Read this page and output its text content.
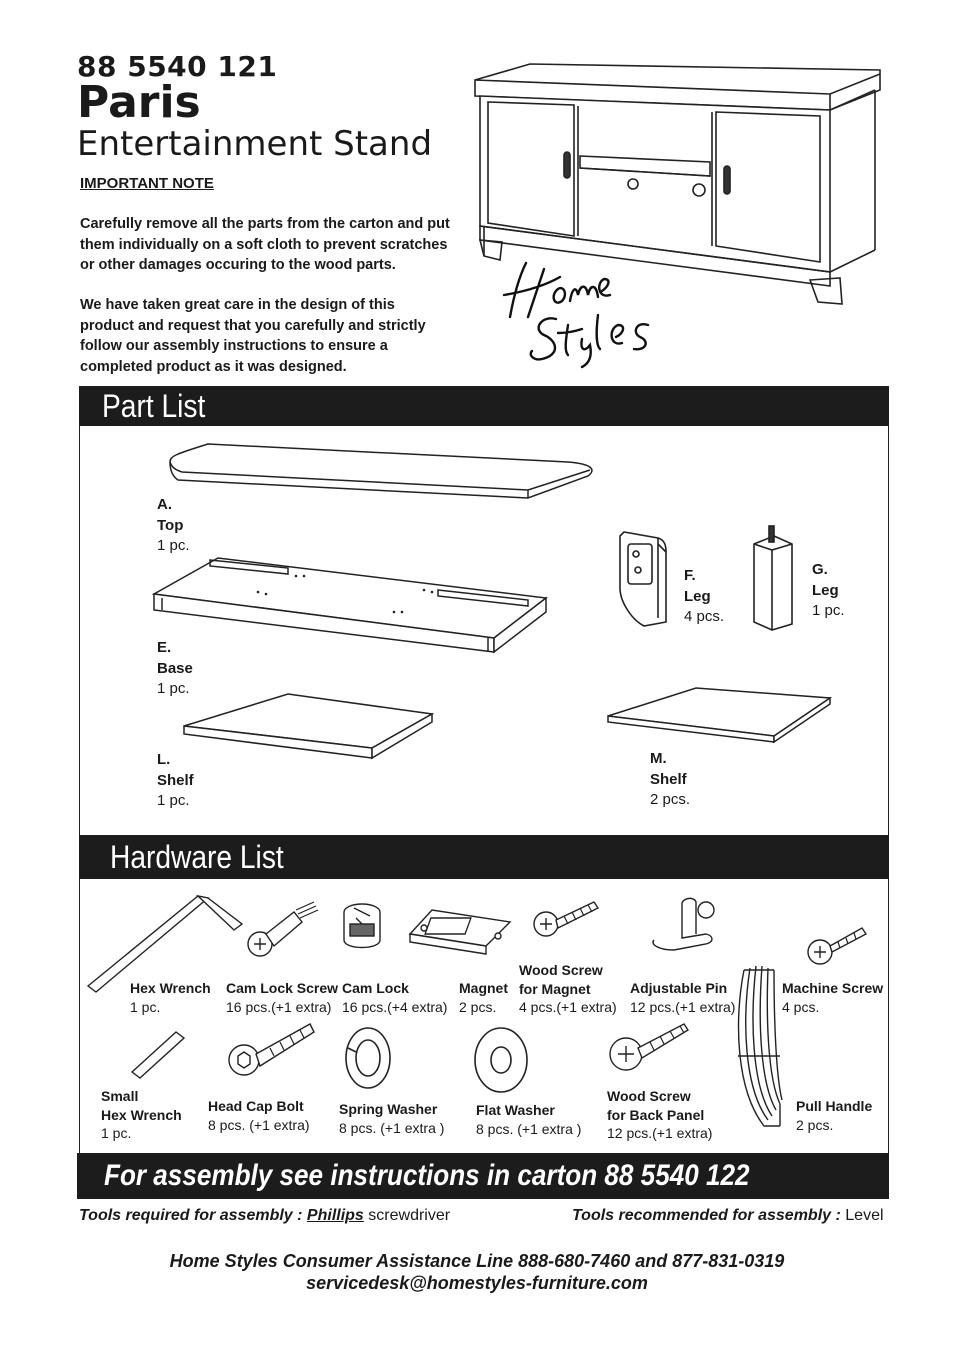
88 5540 121
Paris
Entertainment Stand
IMPORTANT NOTE
Carefully remove all the parts from the carton and put
them individually on a soft cloth to prevent scratches
or other damages occuring to the wood parts.
We have taken great care in the design of this
product and request that you carefully and strictly
follow our assembly instructions to ensure a
completed product as it was designed.
Part List
A.
Top
1 pc.
E.
Base
1 pc.
F.
Leg
4 pcs.
G.
Leg
1 pc.
L.
Shelf
1 pc.
M.
Shelf
2 pcs.
Hardware List
Hex Wrench
1 pc.
Cam Lock Screw
16 pcs.(+1 extra)
Cam Lock
16 pcs.(+4 extra)
Magnet
2 pcs.
Wood Screw
for Magnet
4 pcs.(+1 extra)
Adjustable Pin
12 pcs.(+1 extra)
Machine Screw
4 pcs.
Small
Hex Wrench
1 pc.
Head Cap Bolt
8 pcs. (+1 extra)
Spring Washer
8 pcs. (+1 extra )
Flat Washer
8 pcs. (+1 extra )
Wood Screw
for Back Panel
12 pcs.(+1 extra)
Pull Handle
2 pcs.
For assembly see instructions in carton 88 5540 122
Tools required for assembly : Phillips screwdriver	Tools recommended for assembly : Level
Home Styles Consumer Assistance Line 888-680-7460 and 877-831-0319
servicedesk@homestyles-furniture.com
